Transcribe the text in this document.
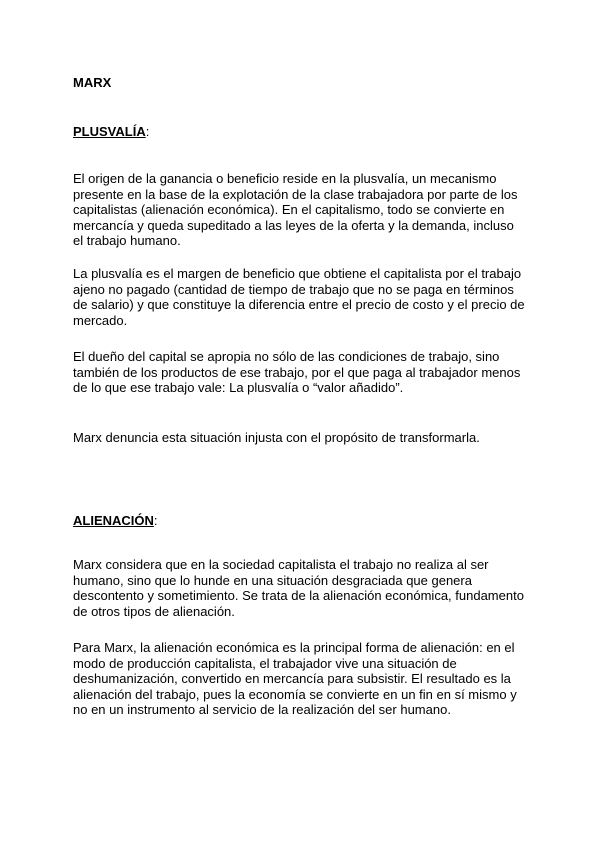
MARX
PLUSVALÍA:

El origen de la ganancia o beneficio reside en la plusvalía, un mecanismo presente en la base de la explotación de la clase trabajadora por parte de los capitalistas (alienación económica). En el capitalismo, todo se convierte en mercancía y queda supeditado a las leyes de la oferta y la demanda, incluso el trabajo humano.

La plusvalía es el margen de beneficio que obtiene el capitalista por el trabajo ajeno no pagado (cantidad de tiempo de trabajo que no se paga en términos de salario) y que constituye la diferencia entre el precio de costo y el precio de mercado.

El dueño del capital se apropia no sólo de las condiciones de trabajo, sino también de los productos de ese trabajo, por el que paga al trabajador menos de lo que ese trabajo vale: La plusvalía o “valor añadido”.

Marx denuncia esta situación injusta con el propósito de transformarla.

ALIENACIÓN:

Marx considera que en la sociedad capitalista el trabajo no realiza al ser humano, sino que lo hunde en una situación desgraciada que genera descontento y sometimiento. Se trata de la alienación económica, fundamento de otros tipos de alienación.

Para Marx, la alienación económica es la principal forma de alienación: en el modo de producción capitalista, el trabajador vive una situación de deshumanización, convertido en mercancía para subsistir. El resultado es la alienación del trabajo, pues la economía se convierte en un fin en sí mismo y no en un instrumento al servicio de la realización del ser humano.
